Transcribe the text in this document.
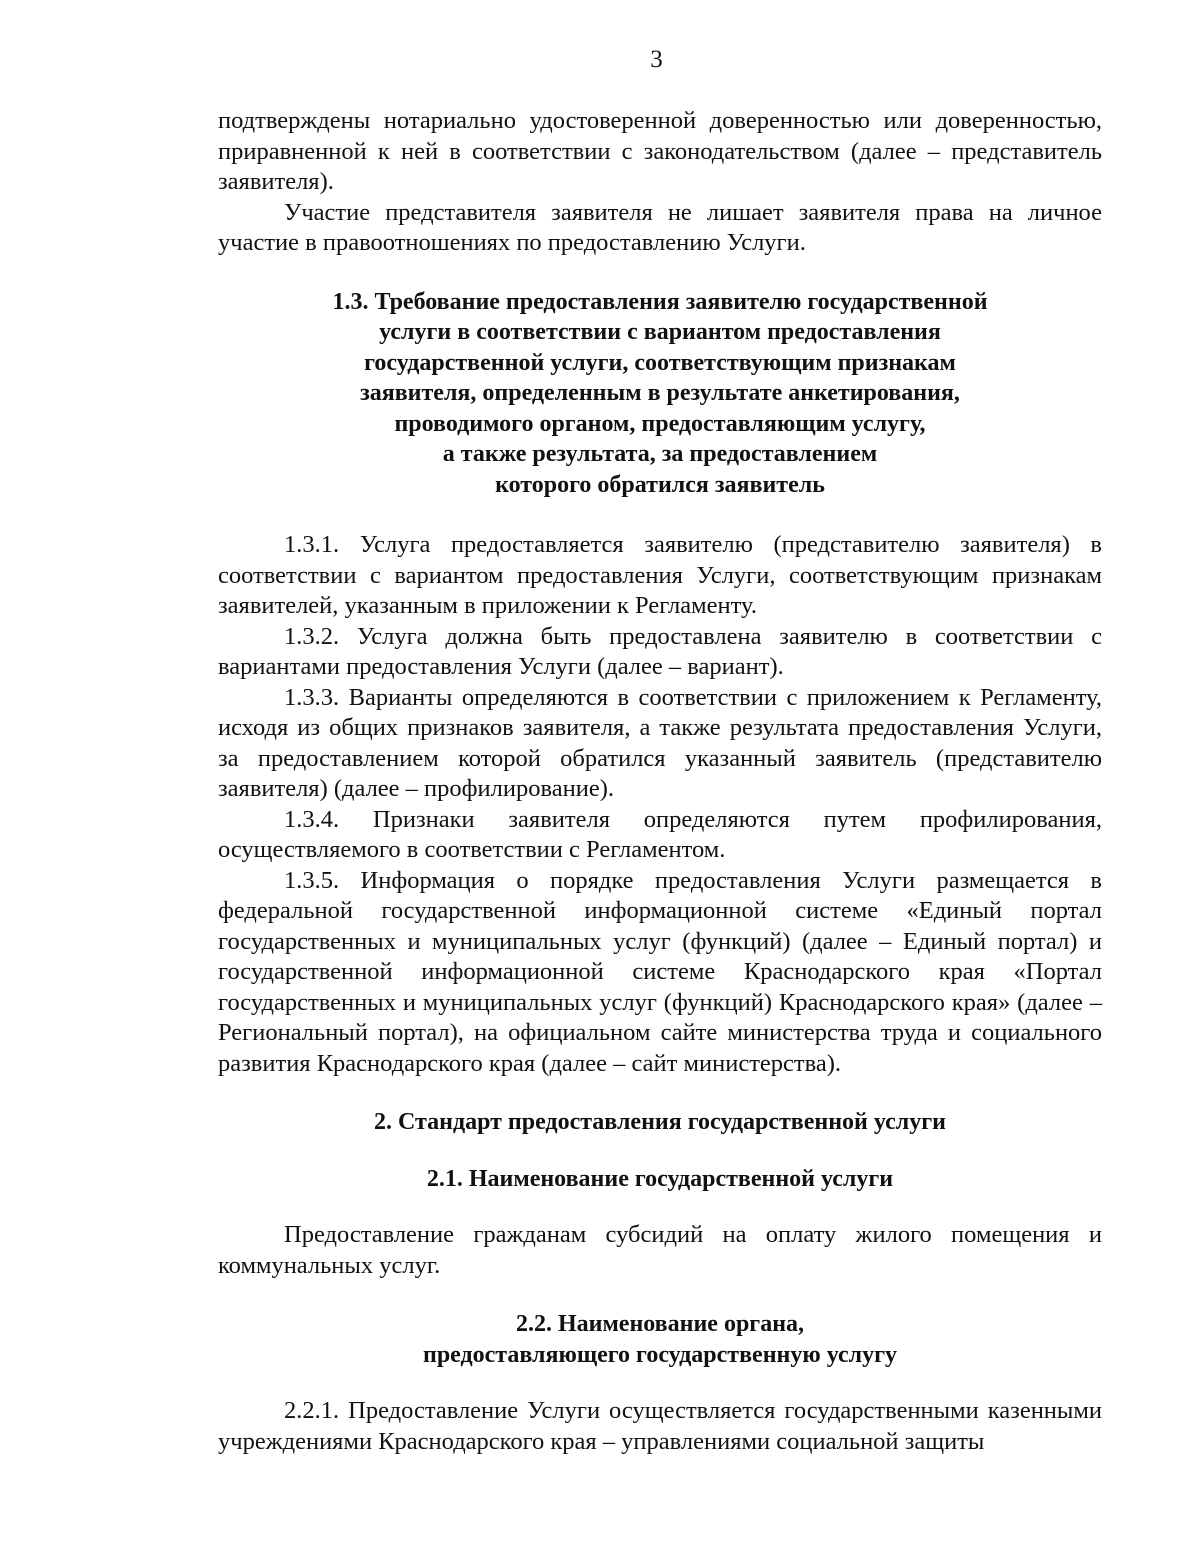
3

подтверждены нотариально удостоверенной доверенностью или доверенностью, приравненной к ней в соответствии с законодательством (далее – представитель заявителя).

Участие представителя заявителя не лишает заявителя права на личное участие в правоотношениях по предоставлению Услуги.

1.3. Требование предоставления заявителю государственной
услуги в соответствии с вариантом предоставления
государственной услуги, соответствующим признакам
заявителя, определенным в результате анкетирования,
проводимого органом, предоставляющим услугу,
а также результата, за предоставлением
которого обратился заявитель

1.3.1. Услуга предоставляется заявителю (представителю заявителя) в соответствии с вариантом предоставления Услуги, соответствующим признакам заявителей, указанным в приложении к Регламенту.

1.3.2. Услуга должна быть предоставлена заявителю в соответствии с вариантами предоставления Услуги (далее – вариант).

1.3.3. Варианты определяются в соответствии с приложением к Регламенту, исходя из общих признаков заявителя, а также результата предоставления Услуги, за предоставлением которой обратился указанный заявитель (представителю заявителя) (далее – профилирование).

1.3.4. Признаки заявителя определяются путем профилирования, осуществляемого в соответствии с Регламентом.

1.3.5. Информация о порядке предоставления Услуги размещается в федеральной государственной информационной системе «Единый портал государственных и муниципальных услуг (функций) (далее – Единый портал) и государственной информационной системе Краснодарского края «Портал государственных и муниципальных услуг (функций) Краснодарского края» (далее – Региональный портал), на официальном сайте министерства труда и социального развития Краснодарского края (далее – сайт министерства).

2. Стандарт предоставления государственной услуги
2.1. Наименование государственной услуги

Предоставление гражданам субсидий на оплату жилого помещения и коммунальных услуг.

2.2. Наименование органа,
предоставляющего государственную услугу

2.2.1. Предоставление Услуги осуществляется государственными казенными учреждениями Краснодарского края – управлениями социальной защиты
